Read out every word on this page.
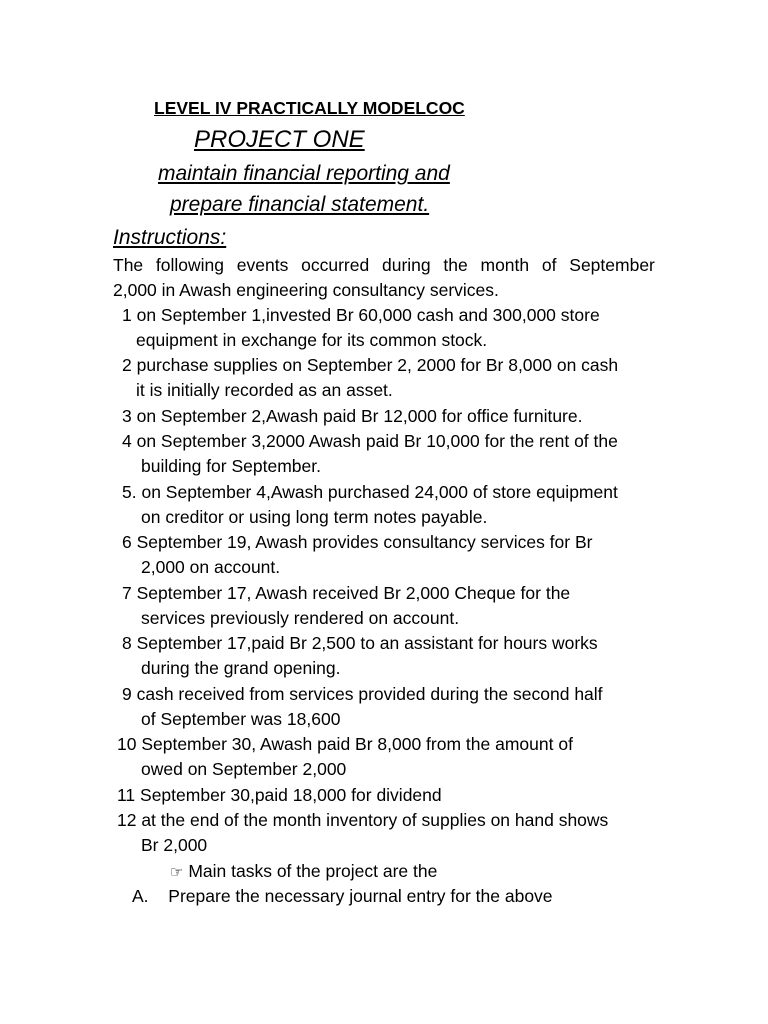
LEVEL IV PRACTICALLY MODELCOC
PROJECT ONE
maintain financial reporting and
prepare financial statement.
Instructions:
The following events occurred during the month of September
2,000 in Awash engineering consultancy services.
1 on September 1,invested Br 60,000 cash and 300,000 store
equipment in exchange for its common stock.
2 purchase supplies on September 2, 2000 for Br 8,000 on cash
it is initially recorded as an asset.
3 on September 2,Awash paid Br 12,000 for office furniture.
4 on September 3,2000 Awash paid Br 10,000 for the rent of the
building for September.
5. on September 4,Awash purchased 24,000 of store equipment
on creditor or using long term notes payable.
6 September 19, Awash provides consultancy services for Br
2,000 on account.
7 September 17, Awash received Br 2,000 Cheque for the
services previously rendered on account.
8 September 17,paid Br 2,500 to an assistant for hours works
during the grand opening.
9 cash received from services provided during the second half
of September was 18,600
10 September 30, Awash paid Br 8,000 from the amount of
owed on September 2,000
11 September 30,paid 18,000 for dividend
12 at the end of the month inventory of supplies on hand shows
Br 2,000
☞ Main tasks of the project are the
A. Prepare the necessary journal entry for the above
